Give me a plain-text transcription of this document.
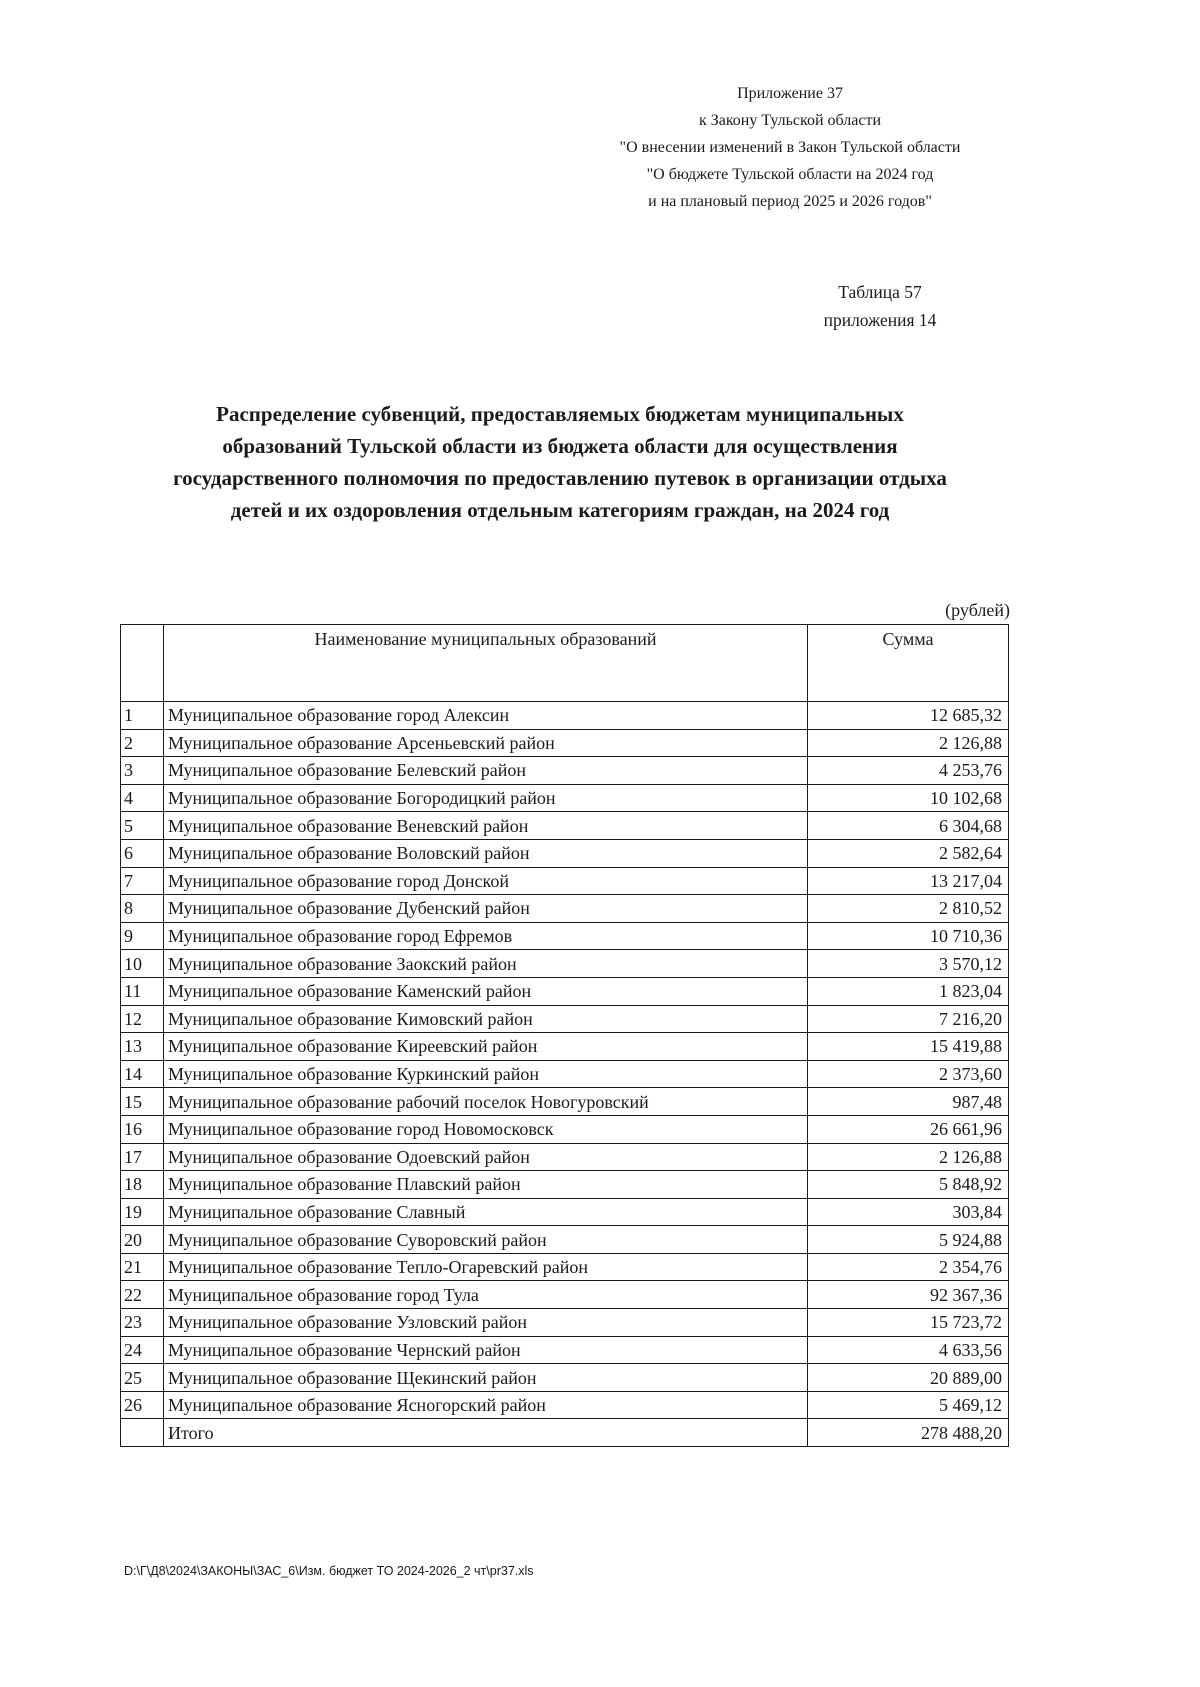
Приложение 37
к Закону Тульской области
"О внесении изменений в Закон Тульской области
"О бюджете Тульской области на 2024 год
и на плановый период 2025 и 2026 годов"
Таблица 57
приложения 14
Распределение субвенций, предоставляемых бюджетам муниципальных
образований Тульской области из бюджета области для осуществления
государственного полномочия по предоставлению путевок в организации отдыха
детей и их оздоровления отдельным категориям граждан, на 2024 год
(рублей)
	Наименование муниципальных образований	Сумма
1	Муниципальное образование город Алексин	12 685,32
2	Муниципальное образование Арсеньевский район	2 126,88
3	Муниципальное образование Белевский район	4 253,76
4	Муниципальное образование Богородицкий район	10 102,68
5	Муниципальное образование Веневский район	6 304,68
6	Муниципальное образование Воловский район	2 582,64
7	Муниципальное образование город Донской	13 217,04
8	Муниципальное образование Дубенский район	2 810,52
9	Муниципальное образование город Ефремов	10 710,36
10	Муниципальное образование Заокский район	3 570,12
11	Муниципальное образование Каменский район	1 823,04
12	Муниципальное образование Кимовский район	7 216,20
13	Муниципальное образование Киреевский район	15 419,88
14	Муниципальное образование Куркинский район	2 373,60
15	Муниципальное образование рабочий поселок Новогуровский	987,48
16	Муниципальное образование город Новомосковск	26 661,96
17	Муниципальное образование Одоевский район	2 126,88
18	Муниципальное образование Плавский район	5 848,92
19	Муниципальное образование Славный	303,84
20	Муниципальное образование Суворовский район	5 924,88
21	Муниципальное образование Тепло-Огаревский район	2 354,76
22	Муниципальное образование город Тула	92 367,36
23	Муниципальное образование Узловский район	15 723,72
24	Муниципальное образование Чернский район	4 633,56
25	Муниципальное образование Щекинский район	20 889,00
26	Муниципальное образование Ясногорский район	5 469,12
	Итого	278 488,20
D:\Г\Д8\2024\ЗАКОНЫ\ЗАС_6\Изм. бюджет ТО 2024-2026_2 чт\pr37.xls
